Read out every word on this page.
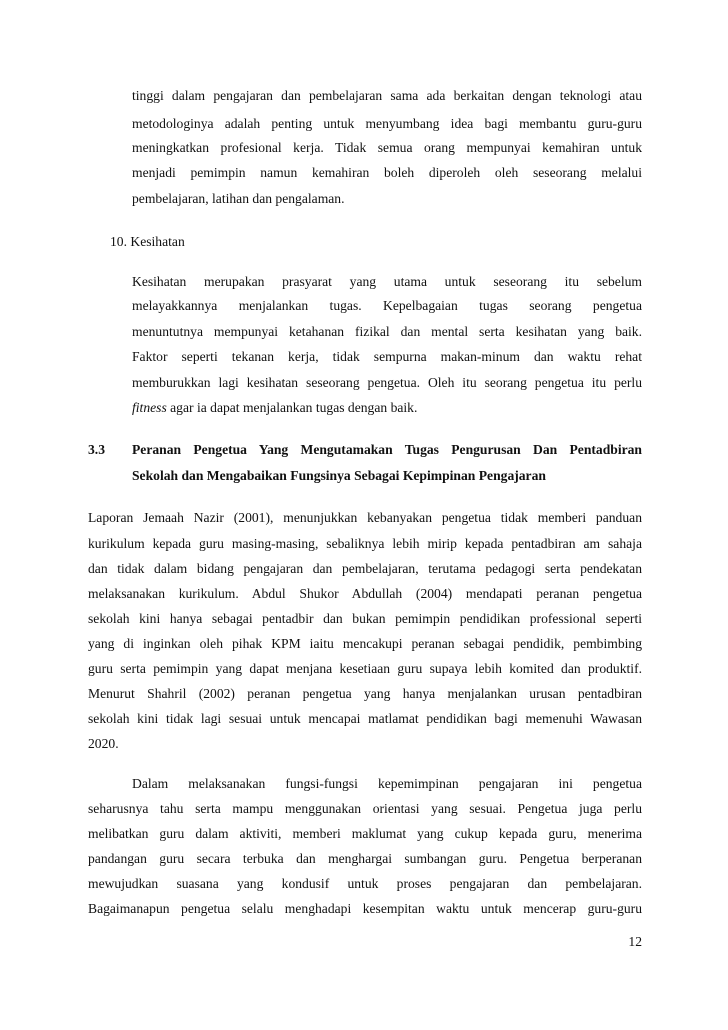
tinggi dalam pengajaran dan pembelajaran sama ada berkaitan dengan teknologi atau
metodologinya adalah penting untuk menyumbang idea bagi membantu guru-guru
meningkatkan profesional kerja. Tidak semua orang mempunyai kemahiran untuk
menjadi pemimpin namun kemahiran boleh diperoleh oleh seseorang melalui
pembelajaran, latihan dan pengalaman.
10. Kesihatan
Kesihatan merupakan prasyarat yang utama untuk seseorang itu sebelum
melayakkannya menjalankan tugas. Kepelbagaian tugas seorang pengetua
menuntutnya mempunyai ketahanan fizikal dan mental serta kesihatan yang baik.
Faktor seperti tekanan kerja, tidak sempurna makan-minum dan waktu rehat
memburukkan lagi kesihatan seseorang pengetua. Oleh itu seorang pengetua itu perlu
fitness agar ia dapat menjalankan tugas dengan baik.
3.3 Peranan Pengetua Yang Mengutamakan Tugas Pengurusan Dan Pentadbiran
Sekolah dan Mengabaikan Fungsinya Sebagai Kepimpinan Pengajaran
Laporan Jemaah Nazir (2001), menunjukkan kebanyakan pengetua tidak memberi panduan
kurikulum kepada guru masing-masing, sebaliknya lebih mirip kepada pentadbiran am sahaja
dan tidak dalam bidang pengajaran dan pembelajaran, terutama pedagogi serta pendekatan
melaksanakan kurikulum. Abdul Shukor Abdullah (2004) mendapati peranan pengetua
sekolah kini hanya sebagai pentadbir dan bukan pemimpin pendidikan professional seperti
yang di inginkan oleh pihak KPM iaitu mencakupi peranan sebagai pendidik, pembimbing
guru serta pemimpin yang dapat menjana kesetiaan guru supaya lebih komited dan produktif.
Menurut Shahril (2002) peranan pengetua yang hanya menjalankan urusan pentadbiran
sekolah kini tidak lagi sesuai untuk mencapai matlamat pendidikan bagi memenuhi Wawasan
2020.
Dalam melaksanakan fungsi-fungsi kepemimpinan pengajaran ini pengetua
seharusnya tahu serta mampu menggunakan orientasi yang sesuai. Pengetua juga perlu
melibatkan guru dalam aktiviti, memberi maklumat yang cukup kepada guru, menerima
pandangan guru secara terbuka dan menghargai sumbangan guru. Pengetua berperanan
mewujudkan suasana yang kondusif untuk proses pengajaran dan pembelajaran.
Bagaimanapun pengetua selalu menghadapi kesempitan waktu untuk mencerap guru-guru
12
